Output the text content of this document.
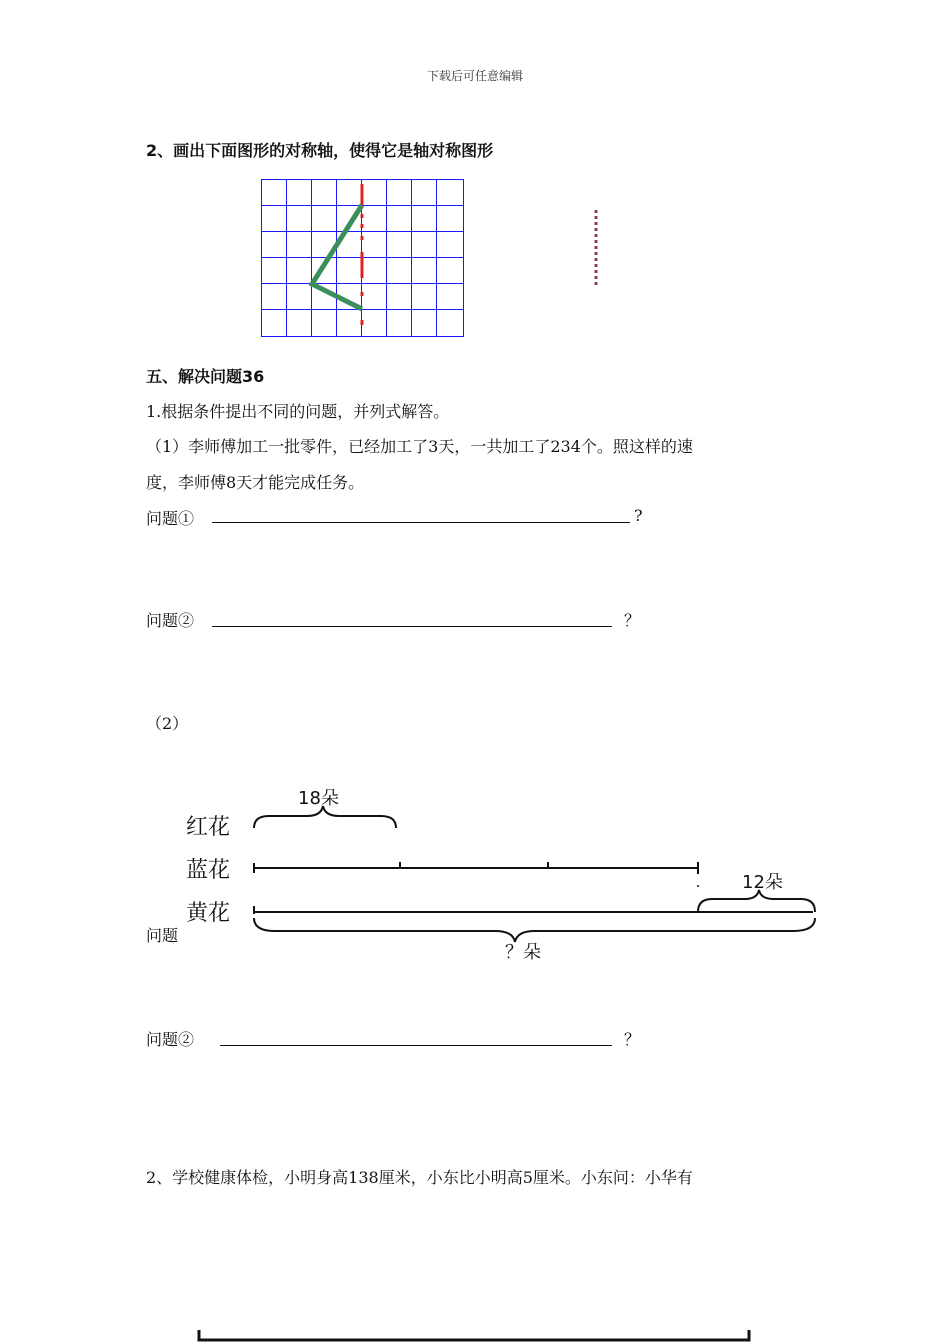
下载后可任意编辑
2、画出下面图形的对称轴，使得它是轴对称图形
五、解决问题36
1.根据条件提出不同的问题，并列式解答。
（1）李师傅加工一批零件，已经加工了3天，一共加工了234个。照这样的速
度，李师傅8天才能完成任务。
问题①	?
问题②	？
（2）
18朵
红花
蓝花
黄花
12朵
？朵
问题
问题②	？
2、学校健康体检，小明身高138厘米，小东比小明高5厘米。小东问：小华有
